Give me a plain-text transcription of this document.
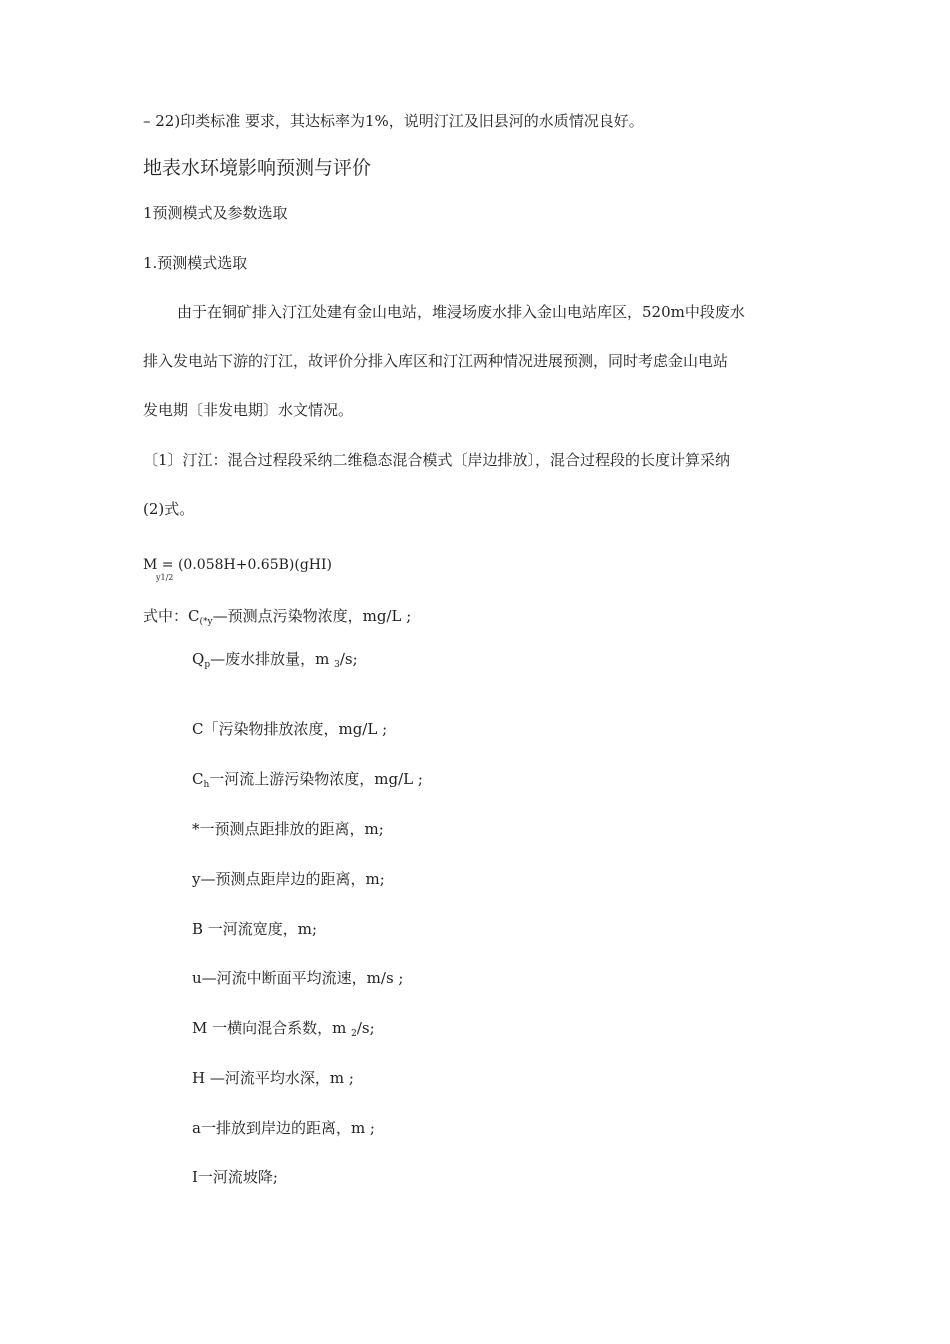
– 22)印类标准 要求，其达标率为1%，说明汀江及旧县河的水质情况良好。
地表水环境影响预测与评价
1预测模式及参数选取
1.预测模式选取
由于在铜矿排入汀江处建有金山电站，堆浸场废水排入金山电站库区，520m中段废水
排入发电站下游的汀江，故评价分排入库区和汀江两种情况进展预测，同时考虑金山电站
发电期〔非发电期〕水文情况。
〔1〕汀江：混合过程段采纳二维稳态混合模式〔岸边排放〕，混合过程段的长度计算采纳
(2)式。
M = (0.058H+0.65B)(gHI)
y1/2
式中：$C_{(*y}—$预测点污染物浓度，mg/L ;
$Q_p—$废水排放量，m $_3$/s;
C「污染物排放浓度，mg/L ;
$C_h$一河流上游污染物浓度，mg/L ;
*一预测点距排放的距离，m;
y—预测点距岸边的距离，m;
B 一河流宽度，m;
u—河流中断面平均流速，m/s ;
M 一横向混合系数，m $_2$/s;
H —河流平均水深，m ;
a一排放到岸边的距离，m ;
I一河流坡降;
